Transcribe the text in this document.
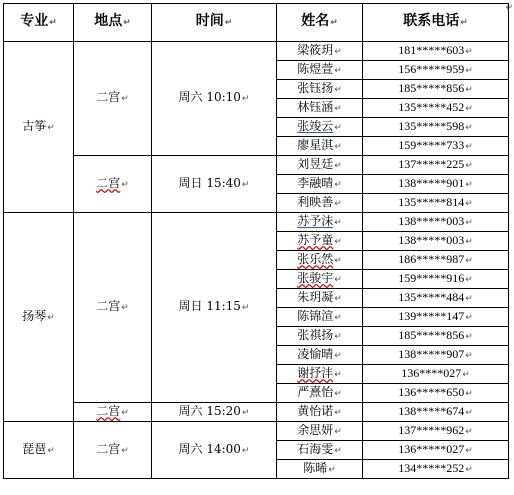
↵
专业↵	地点↵	时间↵	姓名↵	联系电话↵
古筝↵	二宫↵	周六 10:10↵	梁筱玥↵	181*****603↵
			陈煜萱↵	156*****959↵
			张钰扬↵	185*****856↵
			林钰涵↵	135*****452↵
			张竣云↵	135*****598↵
			廖星淇↵	159*****733↵
	二宫↵	周日 15:40↵	刘昱廷↵	137*****225↵
			李融晴↵	138*****901↵
			利映善↵	135*****814↵
扬琴↵	二宫↵	周日 11:15↵	苏予沫↵	138*****003↵
			苏予童↵	138*****003↵
			张乐然↵	186*****987↵
			张骏宇↵	159*****916↵
			朱玥凝↵	135*****484↵
			陈锦渲↵	139*****147↵
			张祺扬↵	185*****856↵
			凌愉晴↵	138*****907↵
			谢抒沣↵	136****027↵
			严熹怡↵	136*****650↵
	二宫↵	周六 15:20↵	黄怡诺↵	138*****674↵
琵琶↵	二宫↵	周六 14:00↵	余思妍↵	137*****962↵
			石海雯↵	136*****027↵
			陈晞↵	134*****252↵
